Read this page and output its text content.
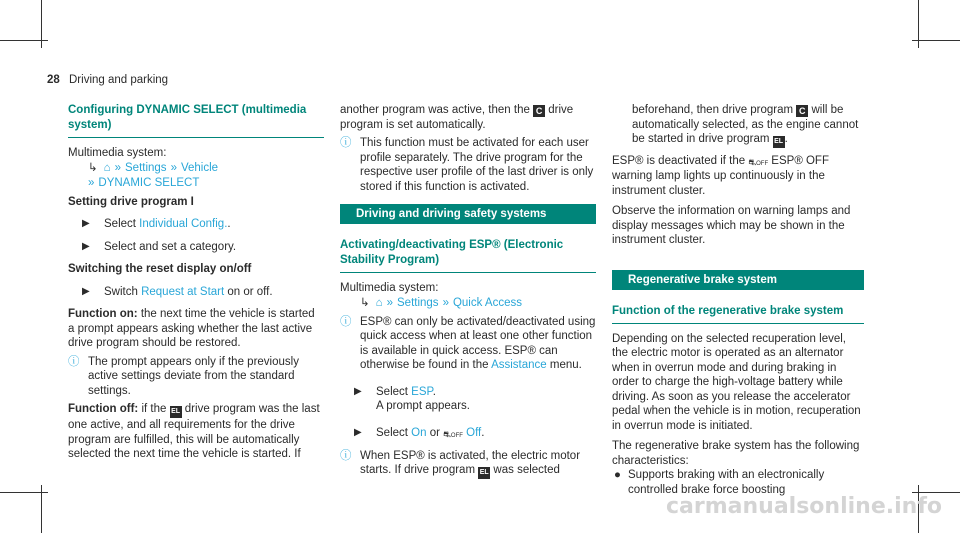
28 Driving and parking
Configuring DYNAMIC SELECT (multimedia system)

Multimedia system:

↳ ⌂ » Settings » Vehicle
» DYNAMIC SELECT

Setting drive program I

▶ Select Individual Config..
▶ Select and set a category.

Switching the reset display on/off

▶ Switch Request at Start on or off.

Function on: the next time the vehicle is started a prompt appears asking whether the last active drive program should be restored.

ⓘ The prompt appears only if the previously active settings deviate from the standard settings.

Function off: if the EL drive program was the last one active, and all requirements for the drive program are fulfilled, this will be automatically selected the next time the vehicle is started. If

another program was active, then the C drive program is set automatically.

ⓘ This function must be activated for each user profile separately. The drive program for the respective user profile of the last driver is only stored if this function is activated.
Driving and driving safety systems
Activating/deactivating ESP® (Electronic Stability Program)

Multimedia system:

↳ ⌂ » Settings » Quick Access
ⓘ ESP® can only be activated/deactivated using quick access when at least one other function is available in quick access. ESP® can otherwise be found in the Assistance menu.
▶ Select ESP.
A prompt appears.
▶ Select On or ⛐OFF Off.
ⓘ When ESP® is activated, the electric motor starts. If drive program EL was selected

beforehand, then drive program C will be automatically selected, as the engine cannot be started in drive program EL .

ESP® is deactivated if the ⛐OFF ESP® OFF warning lamp lights up continuously in the instrument cluster.

Observe the information on warning lamps and display messages which may be shown in the instrument cluster.

Regenerative brake system
Function of the regenerative brake system

Depending on the selected recuperation level, the electric motor is operated as an alternator when in overrun mode and during braking in order to charge the high-voltage battery while driving. As soon as you release the accelerator pedal when the vehicle is in motion, recuperation in overrun mode is initiated.

The regenerative brake system has the following characteristics:

● Supports braking with an electronically controlled brake force boosting
carmanualsonline.info
